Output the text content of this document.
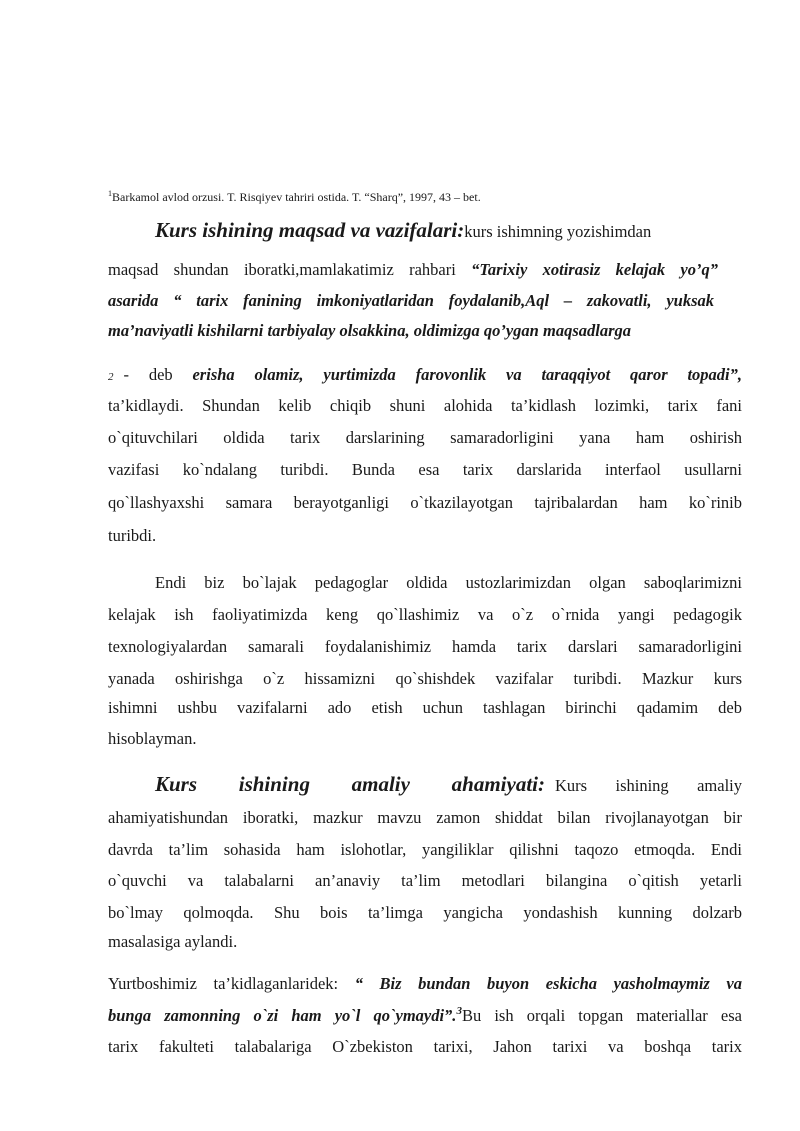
$^1$Barkamol avlod orzusi. T. Risqiyev tahriri ostida. T. “Sharq”, 1997, 43 – bet.
Kurs ishining maqsad va vazifalari:kurs ishimning yozishimdan
maqsad shundan iboratki,mamlakatimiz rahbari “Tarixiy xotirasiz kelajak yo’q”
asarida “ tarix fanining imkoniyatlaridan foydalanib,Aql – zakovatli, yuksak
ma’naviyatli kishilarni tarbiyalay olsakkina, oldimizga qo’ygan maqsadlarga
2 - deb erisha olamiz, yurtimizda farovonlik va taraqqiyot qaror topadi”,
ta’kidlaydi. Shundan kelib chiqib shuni alohida ta’kidlash lozimki, tarix fani
o`qituvchilari oldida tarix darslarining samaradorligini yana ham oshirish
vazifasi ko`ndalang turibdi. Bunda esa tarix darslarida interfaol usullarni
qo`llashyaxshi samara berayotganligi o`tkazilayotgan tajribalardan ham ko`rinib
turibdi.
Endi biz bo`lajak pedagoglar oldida ustozlarimizdan olgan saboqlarimizni
kelajak ish faoliyatimizda keng qo`llashimiz va o`z o`rnida yangi pedagogik
texnologiyalardan samarali foydalanishimiz hamda tarix darslari samaradorligini
yanada oshirishga o`z hissamizni qo`shishdek vazifalar turibdi. Mazkur kurs
ishimni ushbu vazifalarni ado etish uchun tashlagan birinchi qadamim deb
hisoblayman.
Kurs ishining amaliy ahamiyati: Kurs ishining amaliy
ahamiyatishundan iboratki, mazkur mavzu zamon shiddat bilan rivojlanayotgan bir
davrda ta’lim sohasida ham islohotlar, yangiliklar qilishni taqozo etmoqda. Endi
o`quvchi va talabalarni an’anaviy ta’lim metodlari bilangina o`qitish yetarli
bo`lmay qolmoqda. Shu bois ta’limga yangicha yondashish kunning dolzarb
masalasiga aylandi.
Yurtboshimiz ta’kidlaganlaridek: “ Biz bundan buyon eskicha yasholmaymiz va
bunga zamonning o`zi ham yo`l qo`ymaydi”.$^3$Bu ish orqali topgan materiallar esa
tarix fakulteti talabalariga O`zbekiston tarixi, Jahon tarixi va boshqa tarix
